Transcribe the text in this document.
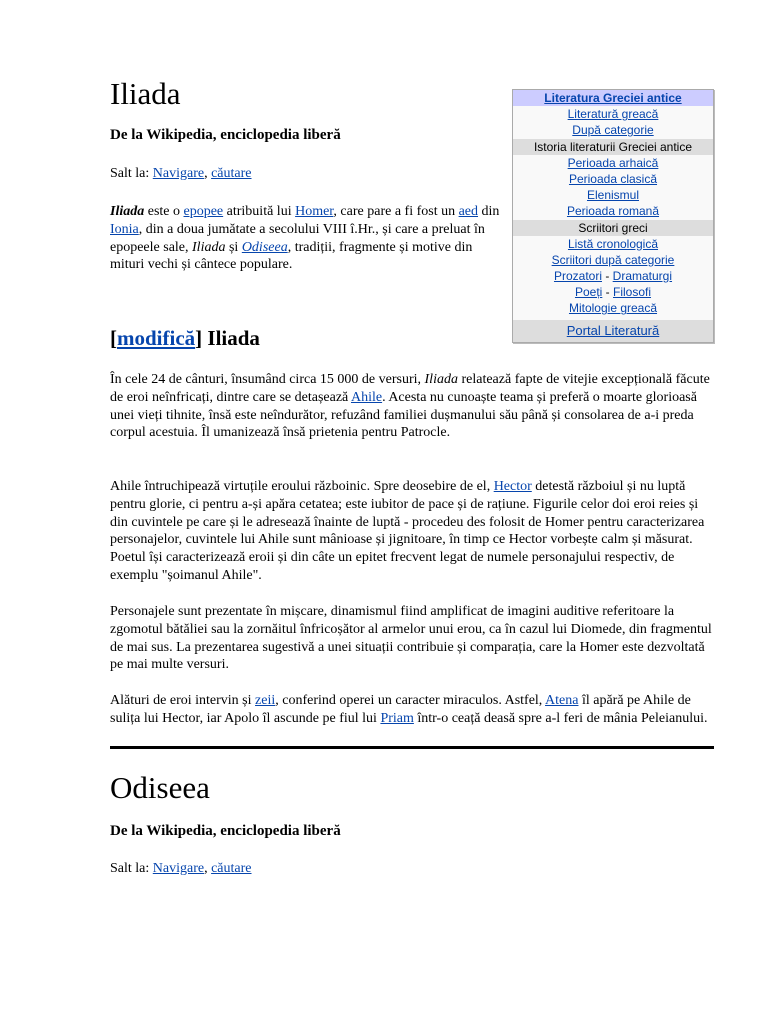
Iliada
De la Wikipedia, enciclopedia liberă
Salt la: Navigare, căutare
Iliada este o epopee atribuită lui Homer, care pare a fi fost un aed din Ionia, din a doua jumătate a secolului VIII î.Hr., și care a preluat în epopeele sale, Iliada și Odiseea, tradiții, fragmente și motive din mituri vechi și cântece populare.
[modifică] Iliada
În cele 24 de cânturi, însumând circa 15 000 de versuri, Iliada relatează fapte de vitejie excepțională făcute de eroi neînfricați, dintre care se detașează Ahile. Acesta nu cunoaște teama și preferă o moarte glorioasă unei vieți tihnite, însă este neîndurător, refuzând familiei dușmanului său până și consolarea de a-i preda corpul acestuia. Îl umanizează însă prietenia pentru Patrocle.
Ahile întruchipează virtuțile eroului războinic. Spre deosebire de el, Hector detestă războiul și nu luptă pentru glorie, ci pentru a-și apăra cetatea; este iubitor de pace și de rațiune. Figurile celor doi eroi reies și din cuvintele pe care și le adresează înainte de luptă - procedeu des folosit de Homer pentru caracterizarea personajelor, cuvintele lui Ahile sunt mânioase și jignitoare, în timp ce Hector vorbește calm și măsurat. Poetul își caracterizează eroii și din câte un epitet frecvent legat de numele personajului respectiv, de exemplu "șoimanul Ahile".
Personajele sunt prezentate în mișcare, dinamismul fiind amplificat de imagini auditive referitoare la zgomotul bătăliei sau la zornăitul înfricoșător al armelor unui erou, ca în cazul lui Diomede, din fragmentul de mai sus. La prezentarea sugestivă a unei situații contribuie și comparația, care la Homer este dezvoltată pe mai multe versuri.
Alături de eroi intervin și zeii, conferind operei un caracter miraculos. Astfel, Atena îl apără pe Ahile de sulița lui Hector, iar Apolo îl ascunde pe fiul lui Priam într-o ceață deasă spre a-l feri de mânia Peleianului.
Literatura Greciei antice
Literatură greacă
După categorie
Istoria literaturii Greciei antice
Perioada arhaică
Perioada clasică
Elenismul
Perioada romană
Scriitori greci
Listă cronologică
Scriitori după categorie
Prozatori - Dramaturgi
Poeți - Filosofi
Mitologie greacă
Portal Literatură
Odiseea
De la Wikipedia, enciclopedia liberă
Salt la: Navigare, căutare
